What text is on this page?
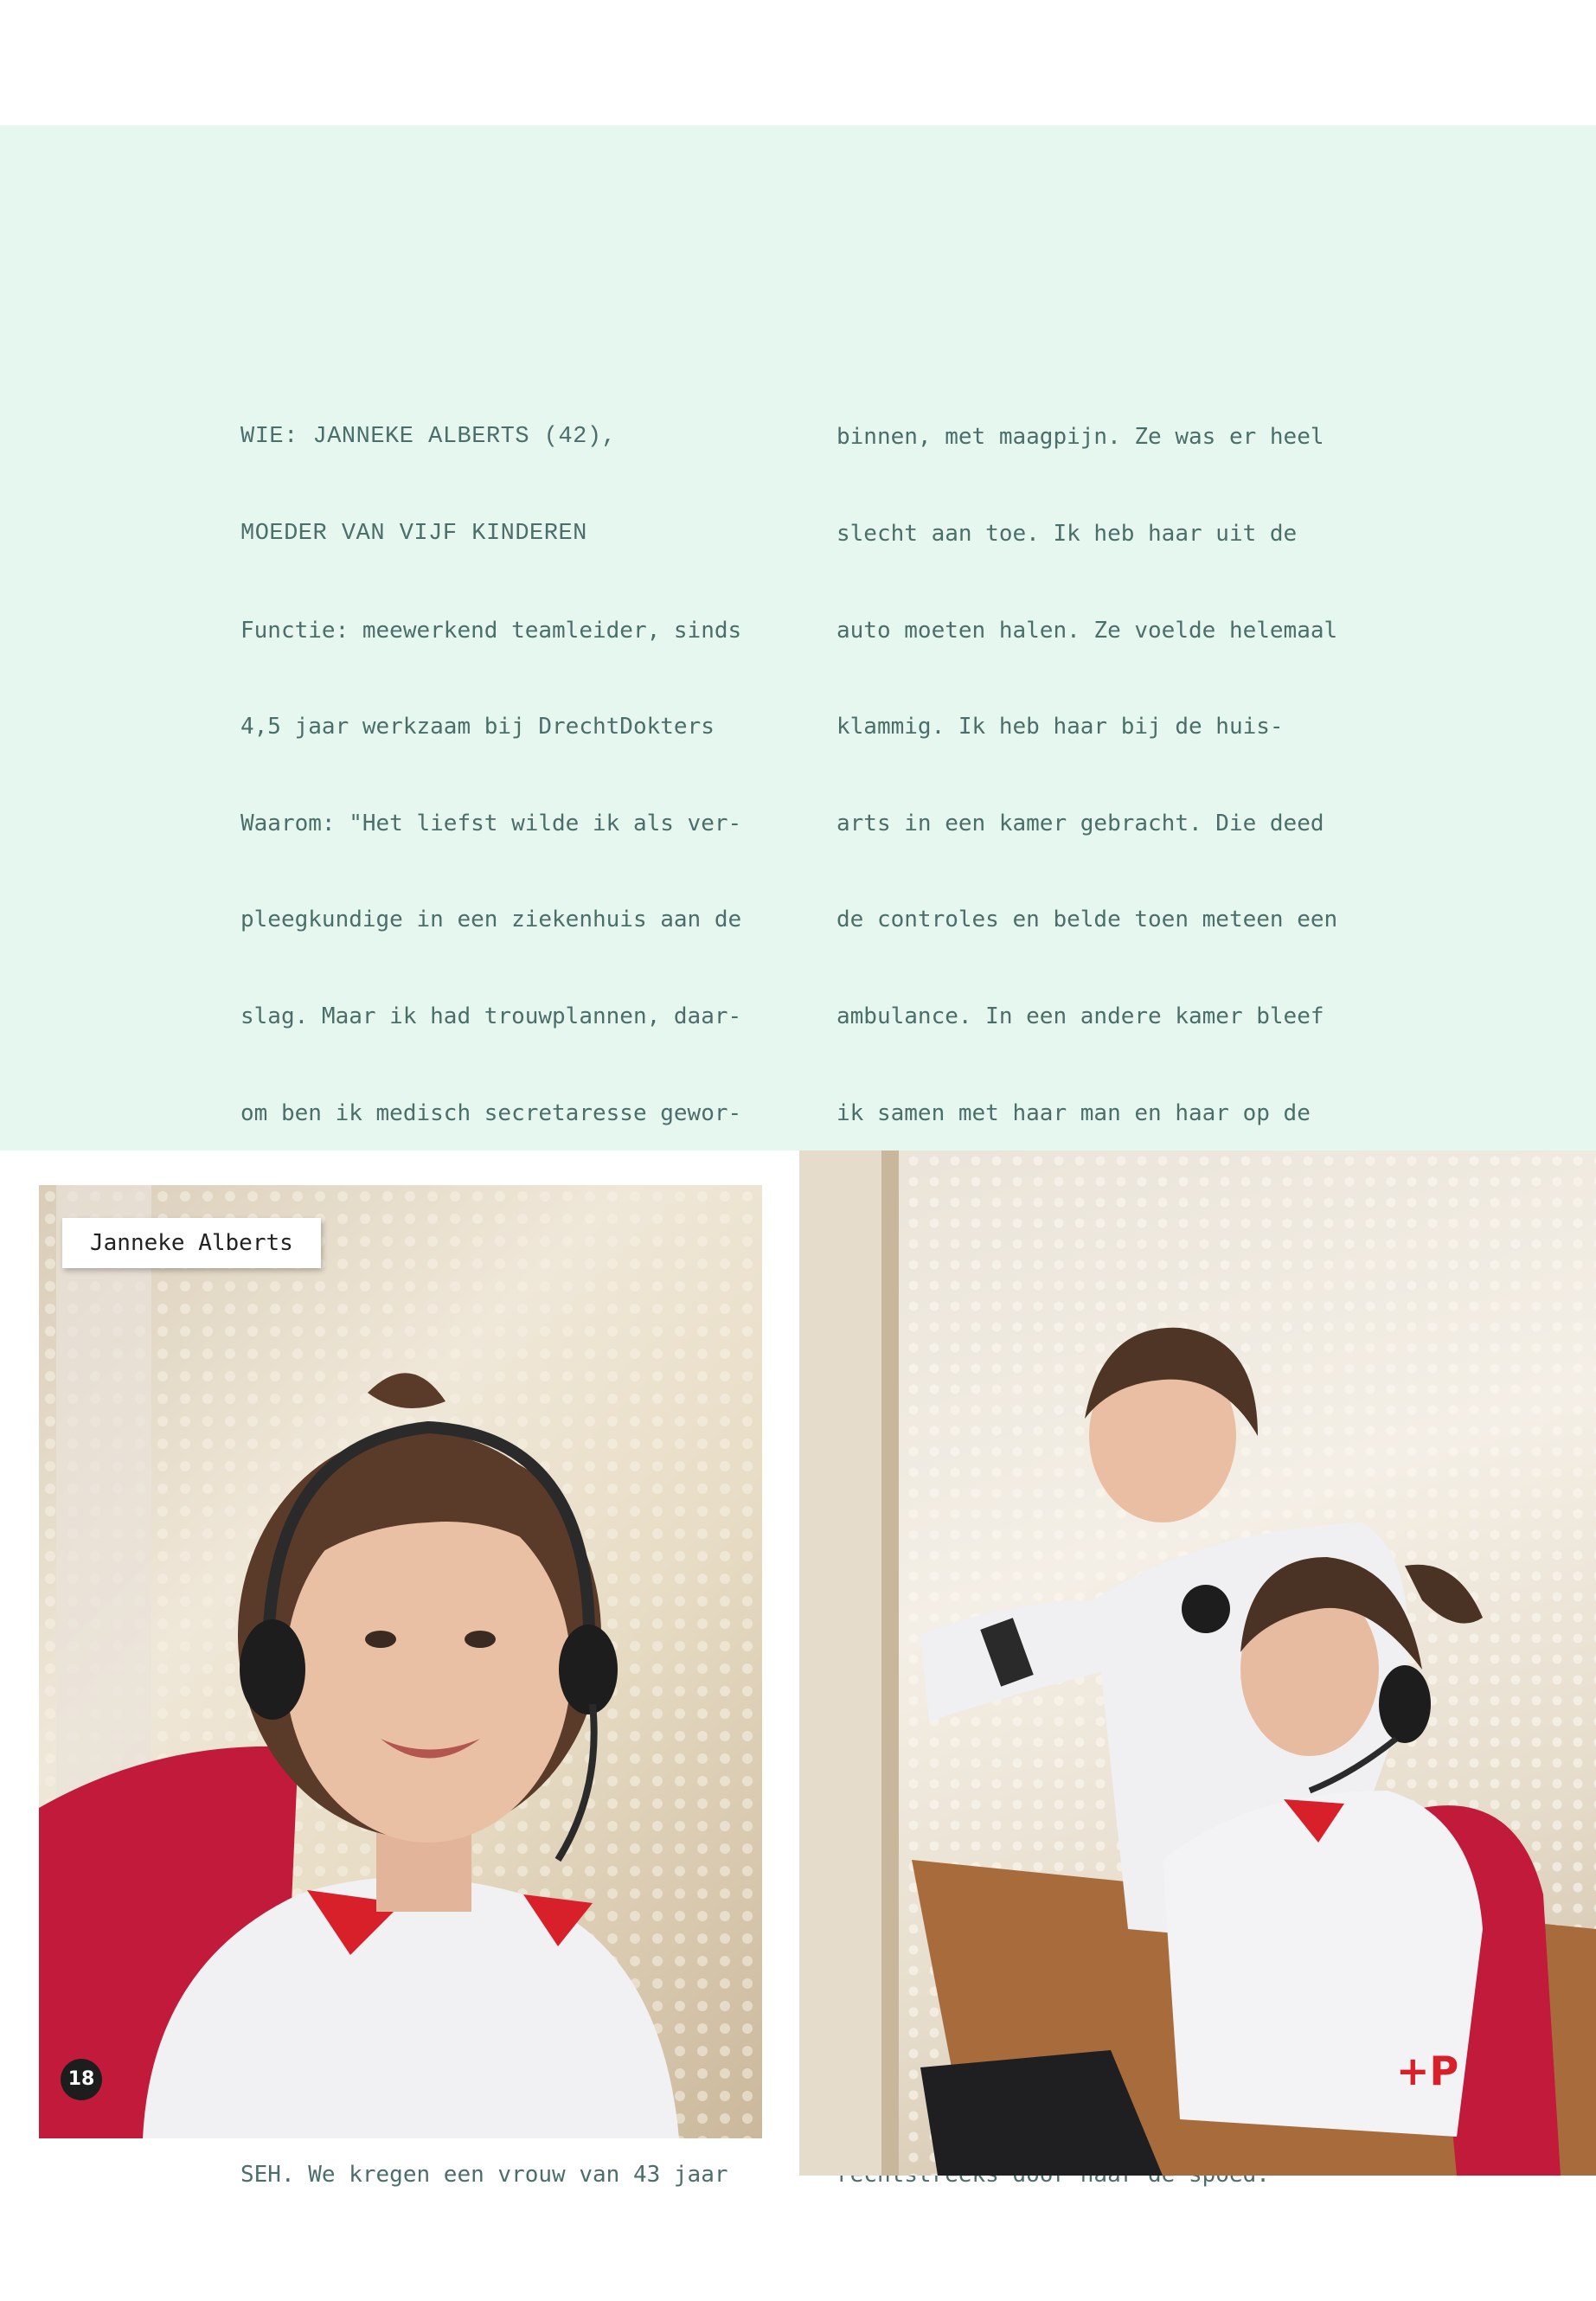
WIE: JANNEKE ALBERTS (42),

MOEDER VAN VIJF KINDEREN

Functie: meewerkend teamleider, sinds

4,5 jaar werkzaam bij DrechtDokters

Waarom: "Het liefst wilde ik als ver-

pleegkundige in een ziekenhuis aan de

slag. Maar ik had trouwplannen, daar-

om ben ik medisch secretaresse gewor-

SEH. We kregen een vrouw van 43 jaar

binnen, met maagpijn. Ze was er heel

slecht aan toe. Ik heb haar uit de

auto moeten halen. Ze voelde helemaal

klammig. Ik heb haar bij de huis-

arts in een kamer gebracht. Die deed

de controles en belde toen meteen een

ambulance. In een andere kamer bleef

ik samen met haar man en haar op de

Janneke Alberts
18	+P
